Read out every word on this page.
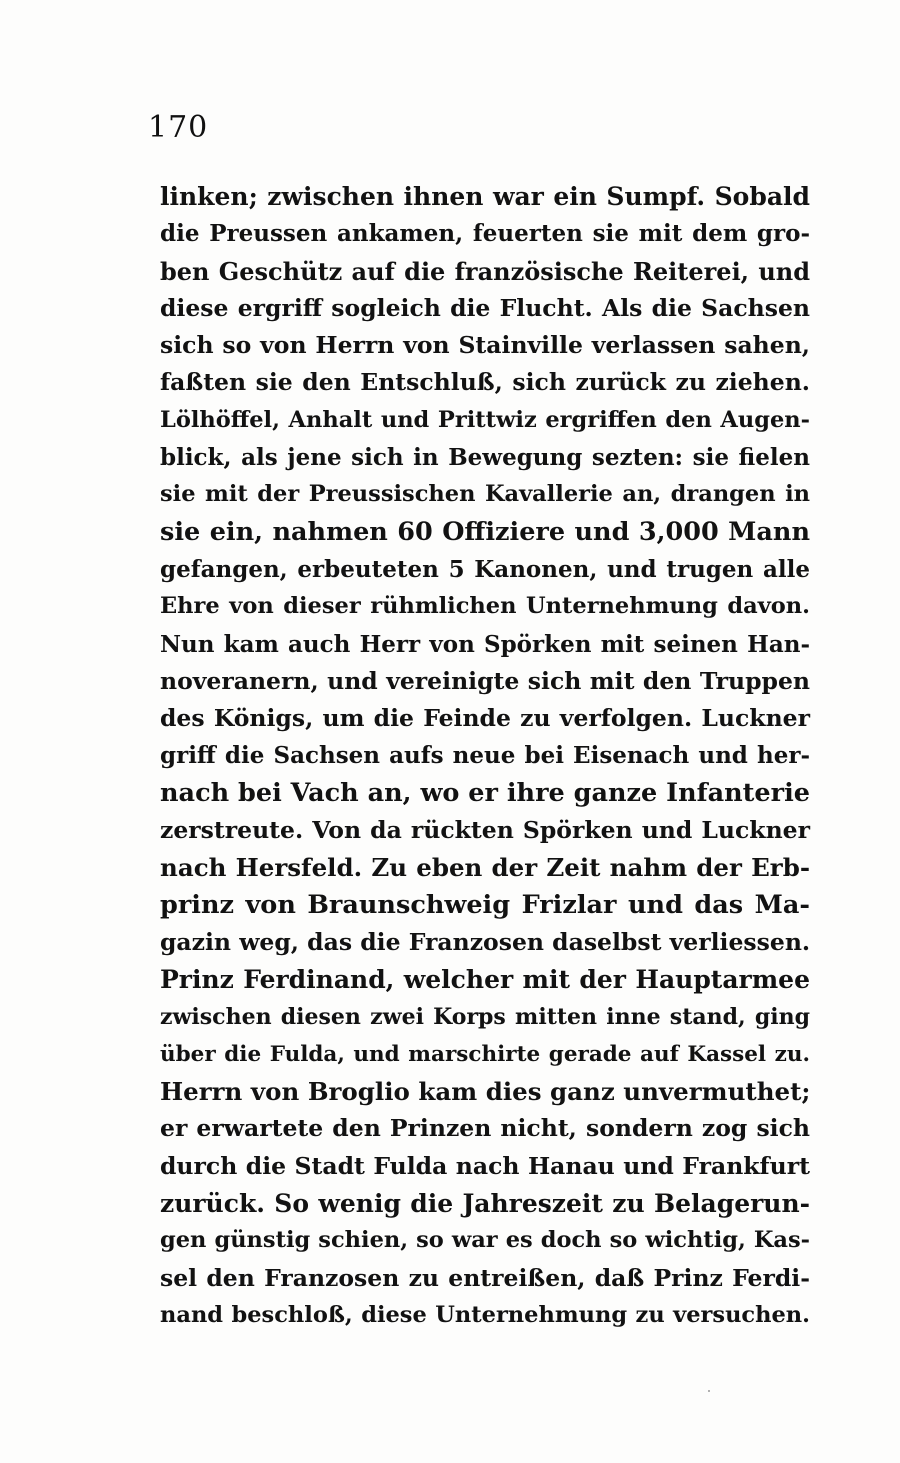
170
linken; zwischen ihnen war ein Sumpf. Sobald
die Preussen ankamen, feuerten sie mit dem gro-
ben Geschütz auf die französische Reiterei, und
diese ergriff sogleich die Flucht. Als die Sachsen
sich so von Herrn von Stainville verlassen sahen,
faßten sie den Entschluß, sich zurück zu ziehen.
Lölhöffel, Anhalt und Prittwiz ergriffen den Augen-
blick, als jene sich in Bewegung sezten: sie fielen
sie mit der Preussischen Kavallerie an, drangen in
sie ein, nahmen 60 Offiziere und 3,000 Mann
gefangen, erbeuteten 5 Kanonen, und trugen alle
Ehre von dieser rühmlichen Unternehmung davon.
Nun kam auch Herr von Spörken mit seinen Han-
noveranern, und vereinigte sich mit den Truppen
des Königs, um die Feinde zu verfolgen. Luckner
griff die Sachsen aufs neue bei Eisenach und her-
nach bei Vach an, wo er ihre ganze Infanterie
zerstreute. Von da rückten Spörken und Luckner
nach Hersfeld. Zu eben der Zeit nahm der Erb-
prinz von Braunschweig Frizlar und das Ma-
gazin weg, das die Franzosen daselbst verliessen.
Prinz Ferdinand, welcher mit der Hauptarmee
zwischen diesen zwei Korps mitten inne stand, ging
über die Fulda, und marschirte gerade auf Kassel zu.
Herrn von Broglio kam dies ganz unvermuthet;
er erwartete den Prinzen nicht, sondern zog sich
durch die Stadt Fulda nach Hanau und Frankfurt
zurück. So wenig die Jahreszeit zu Belagerun-
gen günstig schien, so war es doch so wichtig, Kas-
sel den Franzosen zu entreißen, daß Prinz Ferdi-
nand beschloß, diese Unternehmung zu versuchen.
